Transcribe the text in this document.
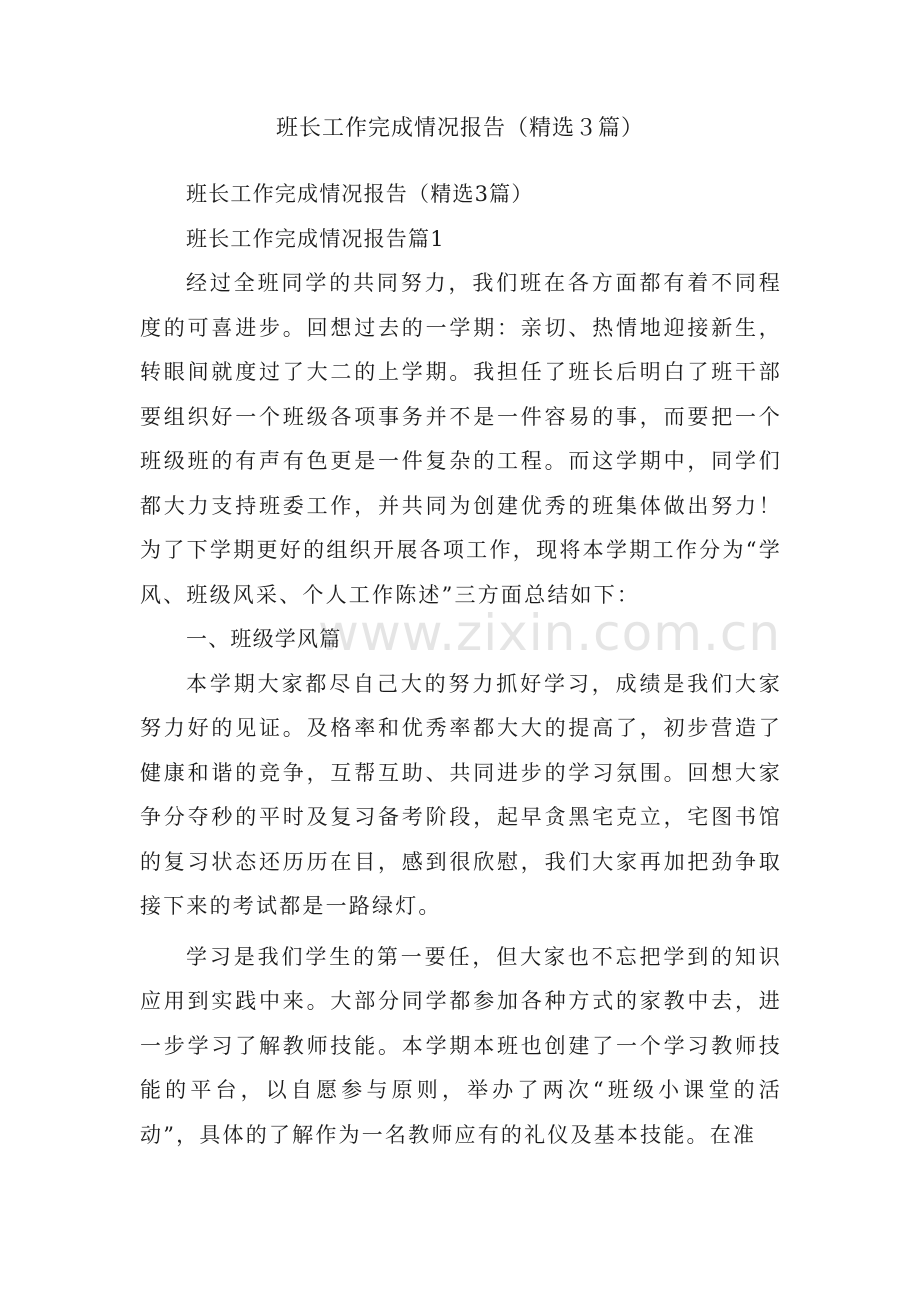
班长工作完成情况报告（精选３篇）

班长工作完成情况报告（精选3篇）

班长工作完成情况报告篇1

经过全班同学的共同努力，我们班在各方面都有着不同程度的可喜进步。回想过去的一学期：亲切、热情地迎接新生，转眼间就度过了大二的上学期。我担任了班长后明白了班干部要组织好一个班级各项事务并不是一件容易的事，而要把一个班级班的有声有色更是一件复杂的工程。而这学期中，同学们都大力支持班委工作，并共同为创建优秀的班集体做出努力！为了下学期更好的组织开展各项工作，现将本学期工作分为“学风、班级风采、个人工作陈述”三方面总结如下：

一、班级学风篇

本学期大家都尽自己大的努力抓好学习，成绩是我们大家努力好的见证。及格率和优秀率都大大的提高了，初步营造了健康和谐的竞争，互帮互助、共同进步的学习氛围。回想大家争分夺秒的平时及复习备考阶段，起早贪黑宅克立，宅图书馆的复习状态还历历在目，感到很欣慰，我们大家再加把劲争取接下来的考试都是一路绿灯。

学习是我们学生的第一要任，但大家也不忘把学到的知识应用到实践中来。大部分同学都参加各种方式的家教中去，进一步学习了解教师技能。本学期本班也创建了一个学习教师技能的平台，以自愿参与原则，举办了两次“班级小课堂的活动”，具体的了解作为一名教师应有的礼仪及基本技能。在准

www.zixin.com.cn
